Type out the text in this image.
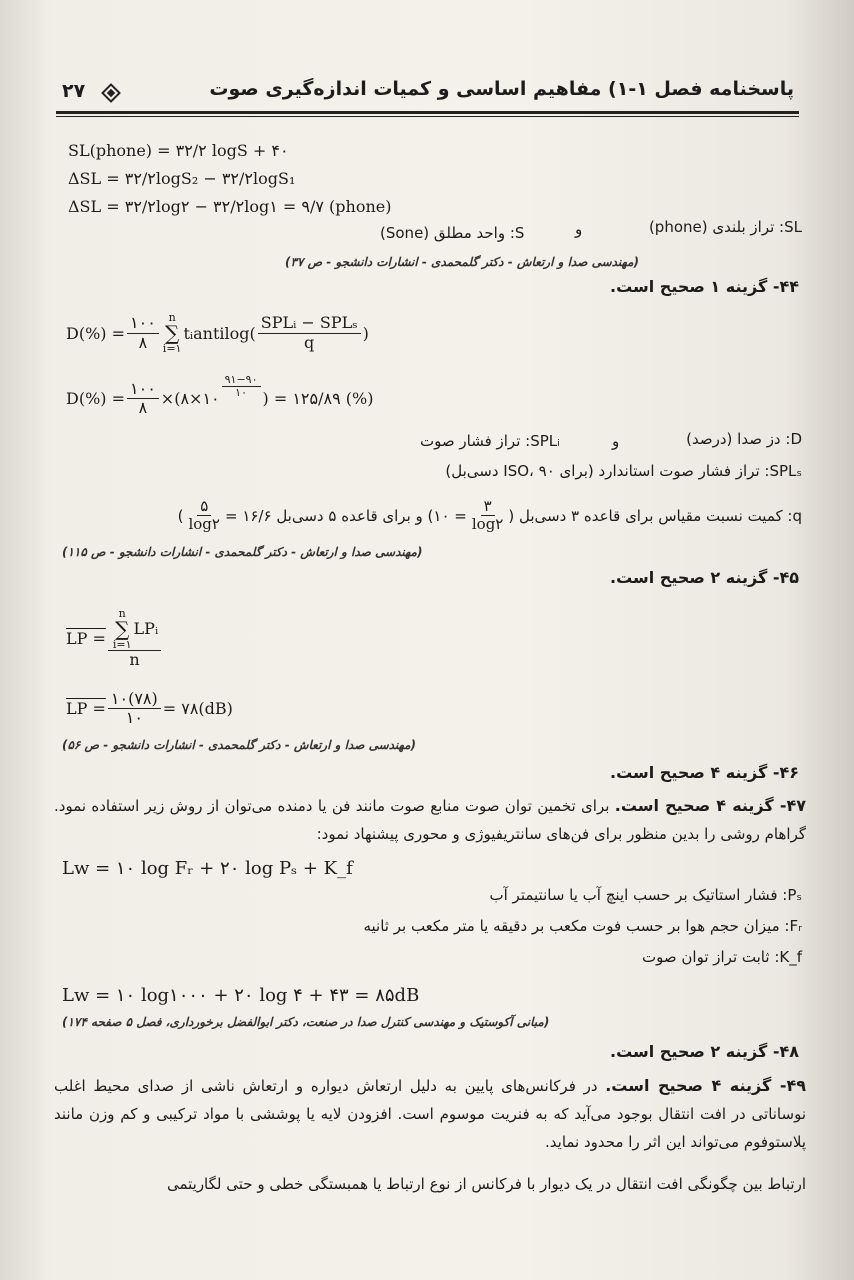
پاسخنامه فصل ۱-۱) مفاهیم اساسی و کمیات اندازه‌گیری صوت
۲۷
SL(phone) = ۳۲/۲ logS + ۴۰
ΔSL = ۳۲/۲logS₂ − ۳۲/۲logS₁
ΔSL = ۳۲/۲log۲ − ۳۲/۲log۱ = ۹/۷ (phone)
SL: تراز بلندی (phone)
و
S: واحد مطلق (Sone)
(مهندسی صدا و ارتعاش - دکتر گلمحمدی - انشارات دانشجو - ص ۳۷)
۴۴- گزینه ۱ صحیح است.
$D(\%) = \frac{۱۰۰}{۸}$ n
∑
i=۱
tᵢantilog( $\frac{\text{SPLᵢ − SPLₛ}}{q}$ )
$D(\%) = \frac{۱۰۰}{۸}$ ×(۸×۱۰ $\frac{۹۱-۹۰}{۱۰}$ ) = ۱۲۵/۸۹ (%)
D: دز صدا (درصد)
و
SPLᵢ: تراز فشار صوت
SPLₛ: تراز فشار صوت استاندارد (برای ISO، ۹۰ دسی‌بل)
q: کمیت نسبت مقیاس برای قاعده ۳ دسی‌بل (
$\frac{۳}{\log ۲}$
= ۱۰) و برای قاعده ۵ دسی‌بل ۱۶/۶ =
$\frac{۵}{\log ۲}$
)
(مهندسی صدا و ارتعاش - دکتر گلمحمدی - انشارات دانشجو - ص ۱۱۵)
۴۵- گزینه ۲ صحیح است.
LP = n
∑
i=۱
LPᵢ
n
LP = $\frac{۱۰(۷۸)}{۱۰}$ = ۷۸(dB)
(مهندسی صدا و ارتعاش - دکتر گلمحمدی - انشارات دانشجو - ص ۵۶)
۴۶- گزینه ۴ صحیح است.
۴۷- گزینه ۴ صحیح است. برای تخمین توان صوت منابع صوت مانند فن یا دمنده می‌توان از روش زیر استفاده نمود. گراهام روشی را بدین منظور برای فن‌های سانتریفیوژی و محوری پیشنهاد نمود:
Lw = ۱۰ log Fᵣ + ۲۰ log Pₛ + K_f
Pₛ: فشار استاتیک بر حسب اینچ آب یا سانتیمتر آب
Fᵣ: میزان حجم هوا بر حسب فوت مکعب بر دقیقه یا متر مکعب بر ثانیه
K_f: ثابت تراز توان صوت
Lw = ۱۰ log۱۰۰۰ + ۲۰ log ۴ + ۴۳ = ۸۵dB
(مبانی آکوستیک و مهندسی کنترل صدا در صنعت، دکتر ابوالفضل برخورداری، فصل ۵ صفحه ۱۷۴)
۴۸- گزینه ۲ صحیح است.
۴۹- گزینه ۴ صحیح است. در فرکانس‌های پایین به دلیل ارتعاش دیواره و ارتعاش ناشی از صدای محیط اغلب نوساناتی در افت انتقال بوجود می‌آید که به فنریت موسوم است. افزودن لایه یا پوششی با مواد ترکیبی و کم وزن مانند پلاستوفوم می‌تواند این اثر را محدود نماید.
ارتباط بین چگونگی افت انتقال در یک دیوار با فرکانس از نوع ارتباط یا همبستگی خطی و حتی لگاریتمی
